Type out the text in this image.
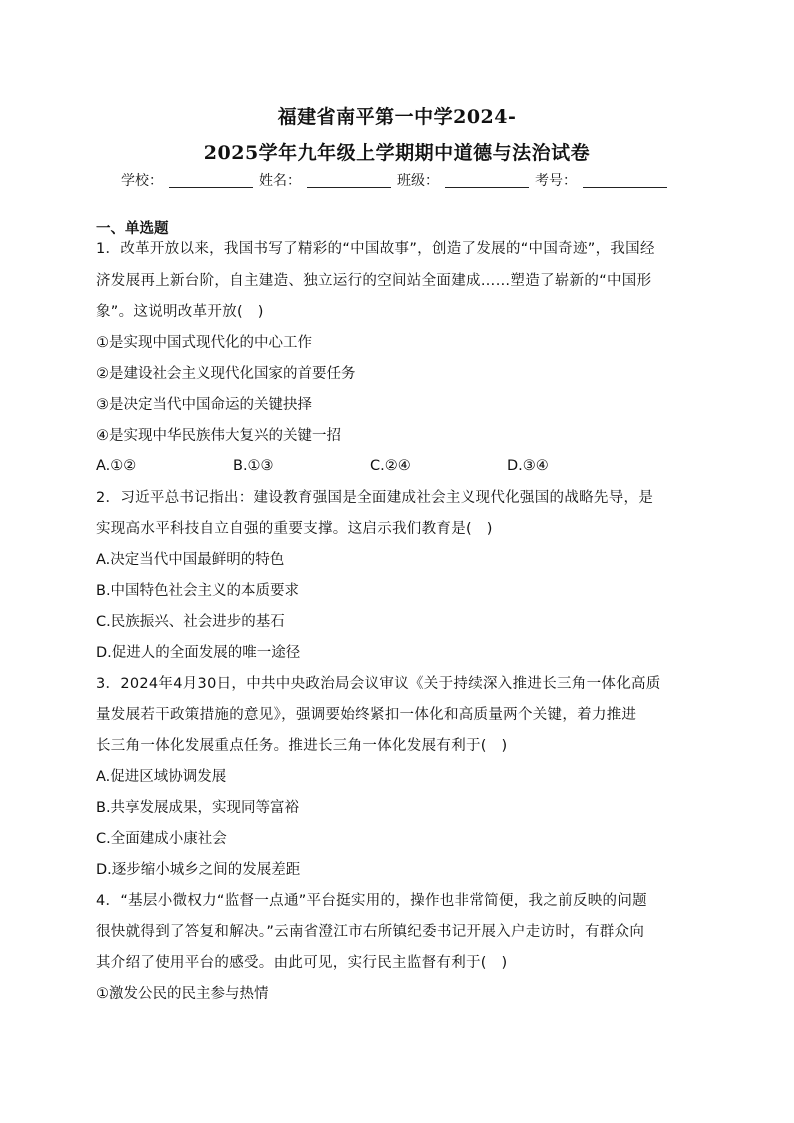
福建省南平第一中学2024-
2025学年九年级上学期期中道德与法治试卷
学校：	姓名：	班级：	考号：
一、单选题
1．改革开放以来，我国书写了精彩的“中国故事”，创造了发展的“中国奇迹”，我国经
济发展再上新台阶，自主建造、独立运行的空间站全面建成……塑造了崭新的“中国形
象”。这说明改革开放(　)
①是实现中国式现代化的中心工作
②是建设社会主义现代化国家的首要任务
③是决定当代中国命运的关键抉择
④是实现中华民族伟大复兴的关键一招
A.①②	B.①③	C.②④	D.③④
2．习近平总书记指出：建设教育强国是全面建成社会主义现代化强国的战略先导，是
实现高水平科技自立自强的重要支撑。这启示我们教育是(　)
A.决定当代中国最鲜明的特色
B.中国特色社会主义的本质要求
C.民族振兴、社会进步的基石
D.促进人的全面发展的唯一途径
3．2024年4月30日，中共中央政治局会议审议《关于持续深入推进长三角一体化高质
量发展若干政策措施的意见》，强调要始终紧扣一体化和高质量两个关键，着力推进
长三角一体化发展重点任务。推进长三角一体化发展有利于(　)
A.促进区域协调发展
B.共享发展成果，实现同等富裕
C.全面建成小康社会
D.逐步缩小城乡之间的发展差距
4．“基层小微权力“监督一点通”平台挺实用的，操作也非常简便，我之前反映的问题
很快就得到了答复和解决。”云南省澄江市右所镇纪委书记开展入户走访时，有群众向
其介绍了使用平台的感受。由此可见，实行民主监督有利于(　)
①激发公民的民主参与热情
